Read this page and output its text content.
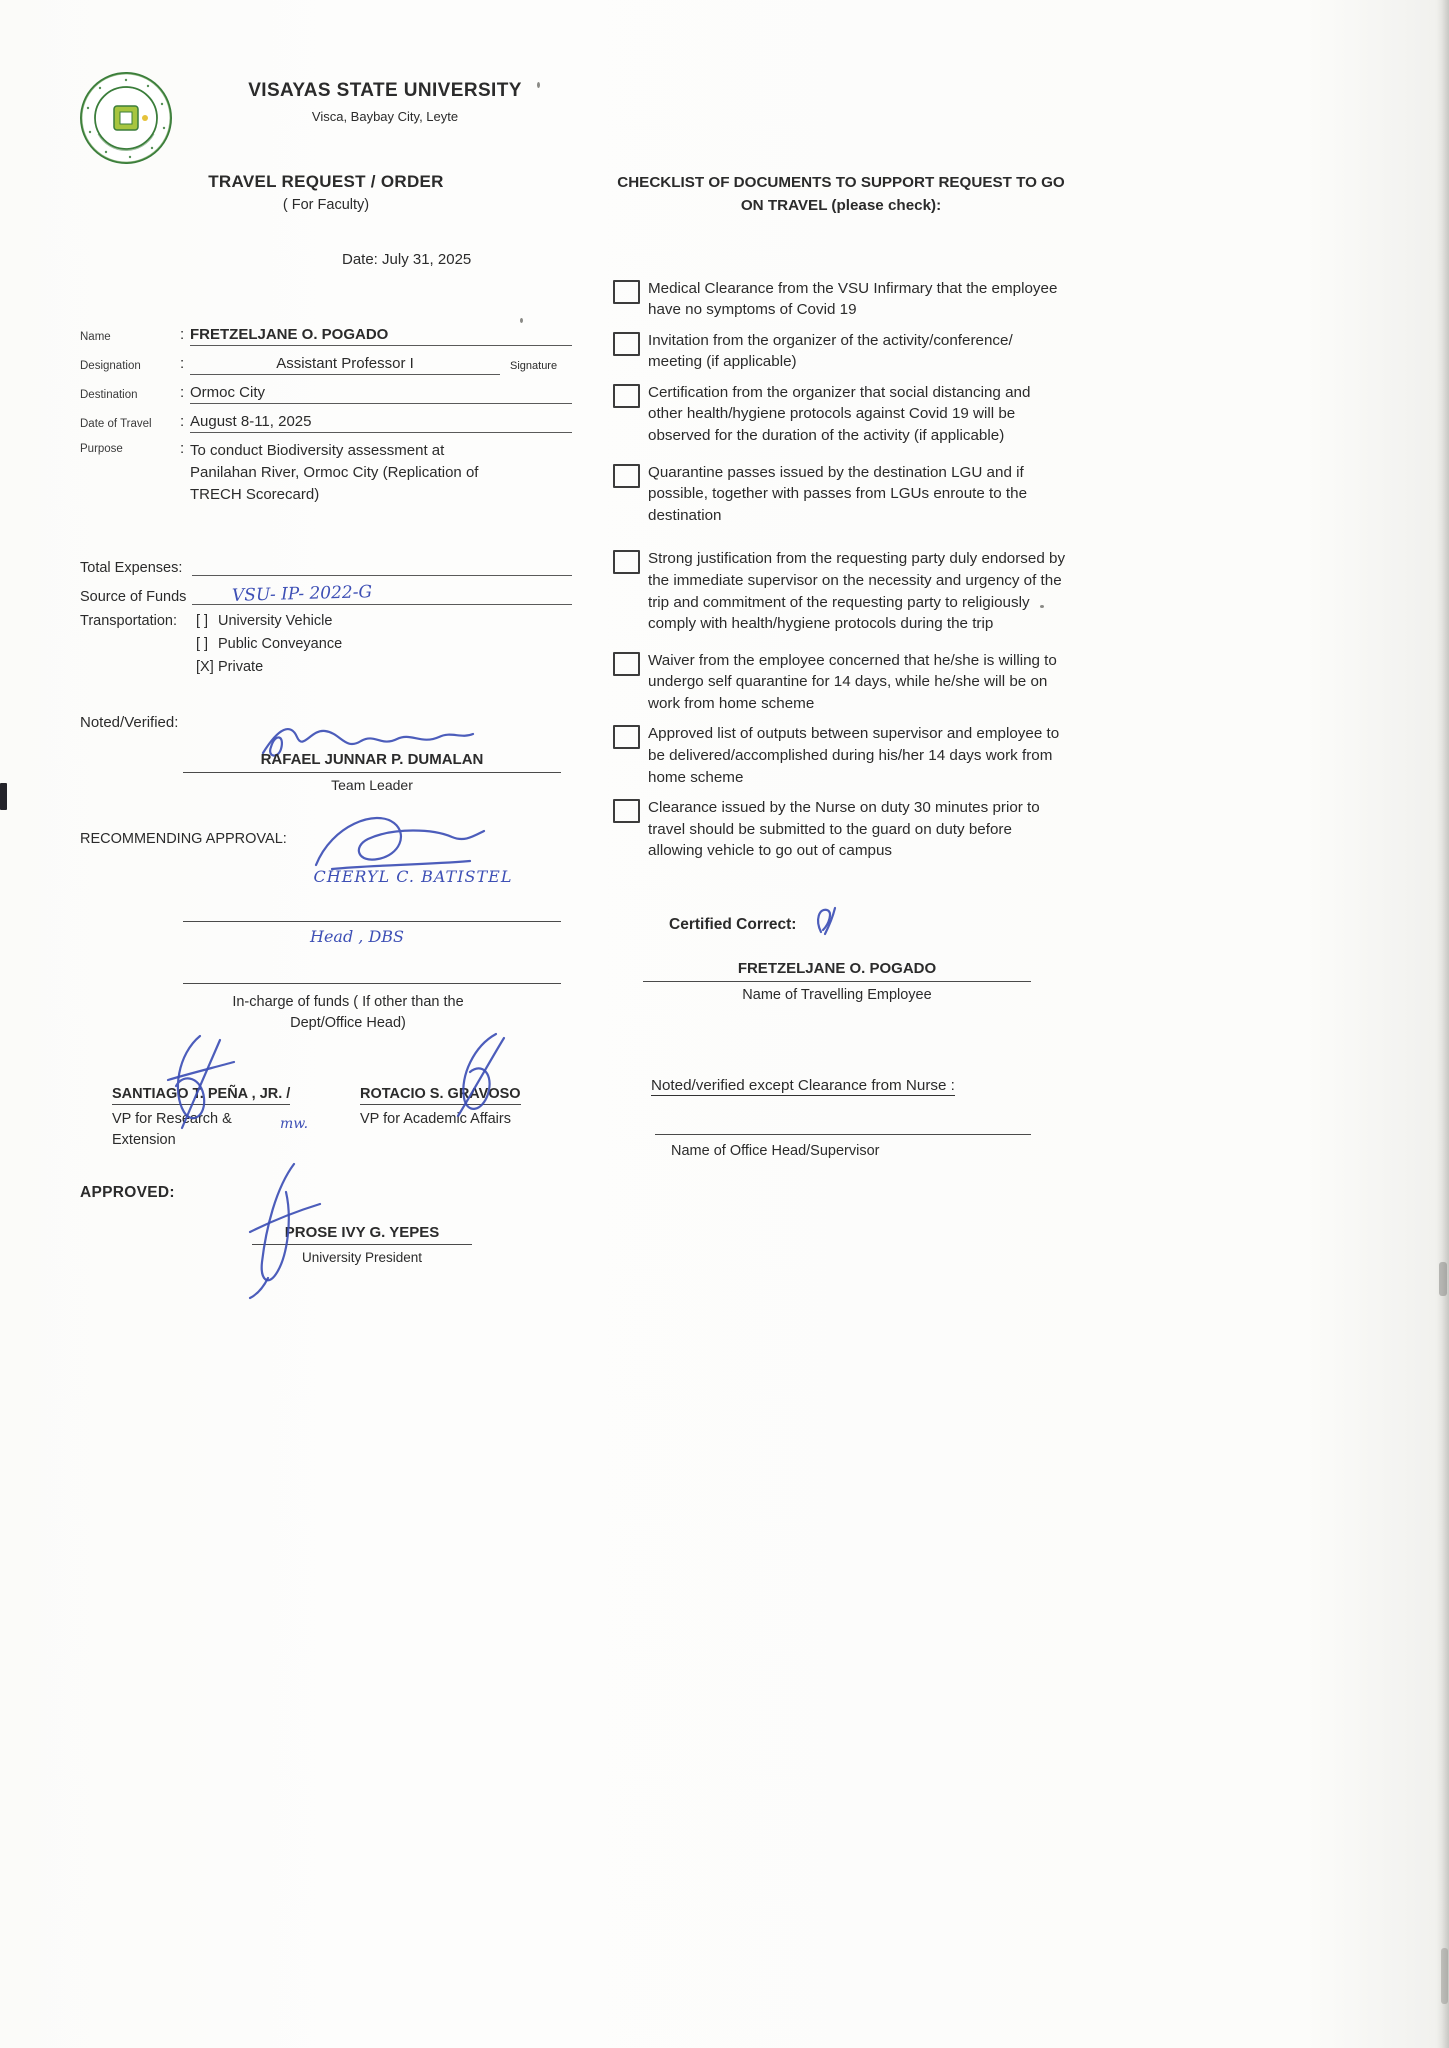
VISAYAS STATE UNIVERSITY
Visca, Baybay City, Leyte
TRAVEL REQUEST / ORDER
( For Faculty)
Date: July 31, 2025
Name	: FRETZELJANE O. POGADO
Designation	:	Assistant Professor I	Signature
Destination	: Ormoc City
Date of Travel	: August 8-11, 2025
Purpose	: To conduct Biodiversity assessment at Panilahan River, Ormoc City (Replication of TRECH Scorecard)
Total Expenses:
Source of Funds	VSU- IP- 2022-G
Transportation:	[ ] University Vehicle
[ ] Public Conveyance
[X] Private
Noted/Verified:
RAFAEL JUNNAR P. DUMALAN
Team Leader
RECOMMENDING APPROVAL:
CHERYL C. BATISTEL
Head , DBS
In-charge of funds ( If other than the Dept/Office Head)
SANTIAGO T. PEÑA , JR. /
VP for Research & Extension
mw.
ROTACIO S. GRAVOSO
VP for Academic Affairs
APPROVED:
PROSE IVY G. YEPES
University President
CHECKLIST OF DOCUMENTS TO SUPPORT REQUEST TO GO ON TRAVEL (please check):
Medical Clearance from the VSU Infirmary that the employee have no symptoms of Covid 19
Invitation from the organizer of the activity/conference/ meeting (if applicable)
Certification from the organizer that social distancing and other health/hygiene protocols against Covid 19 will be observed for the duration of the activity (if applicable)
Quarantine passes issued by the destination LGU and if possible, together with passes from LGUs enroute to the destination
Strong justification from the requesting party duly endorsed by the immediate supervisor on the necessity and urgency of the trip and commitment of the requesting party to religiously comply with health/hygiene protocols during the trip
Waiver from the employee concerned that he/she is willing to undergo self quarantine for 14 days, while he/she will be on work from home scheme
Approved list of outputs between supervisor and employee to be delivered/accomplished during his/her 14 days work from home scheme
Clearance issued by the Nurse on duty 30 minutes prior to travel should be submitted to the guard on duty before allowing vehicle to go out of campus
Certified Correct:
FRETZELJANE O. POGADO
Name of Travelling Employee
Noted/verified except Clearance from Nurse :
Name of Office Head/Supervisor
